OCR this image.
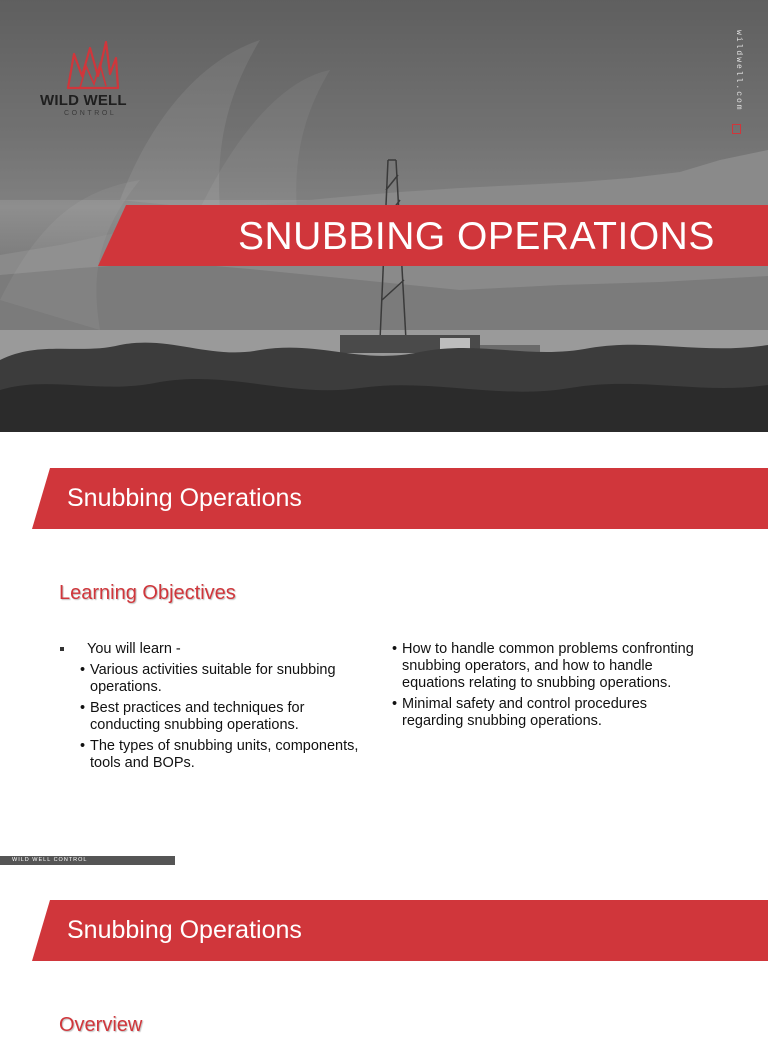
WILD WELL
CONTROL
wildwell.com
SNUBBING OPERATIONS
Snubbing Operations
Learning Objectives
You will learn -
• Various activities suitable for snubbing operations.
• Best practices and techniques for conducting snubbing operations.
• The types of snubbing units, components, tools and BOPs.
• How to handle common problems confronting snubbing operators, and how to handle equations relating to snubbing operations.
• Minimal safety and control procedures regarding snubbing operations.
WILD WELL CONTROL
Snubbing Operations
Overview
